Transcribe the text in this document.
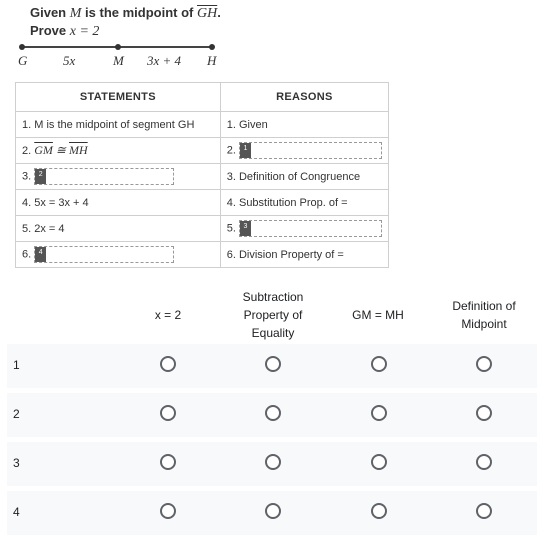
Given M is the midpoint of $\overline{GH}$.
Prove x = 2
G	5x	M 3x + 4 H
STATEMENTS	REASONS
1. M is the midpoint of segment GH	1. Given
2. $\overline{GM}$ ≅ $\overline{MH}$	2. 1

3. 2	3. Definition of Congruence
4. 5x = 3x + 4	4. Substitution Prop. of =
5. 2x = 4	5. 3

6. 4	6. Division Property of =
x = 2
Subtraction Property of Equality
GM = MH
Definition of Midpoint
1
2
3
4
